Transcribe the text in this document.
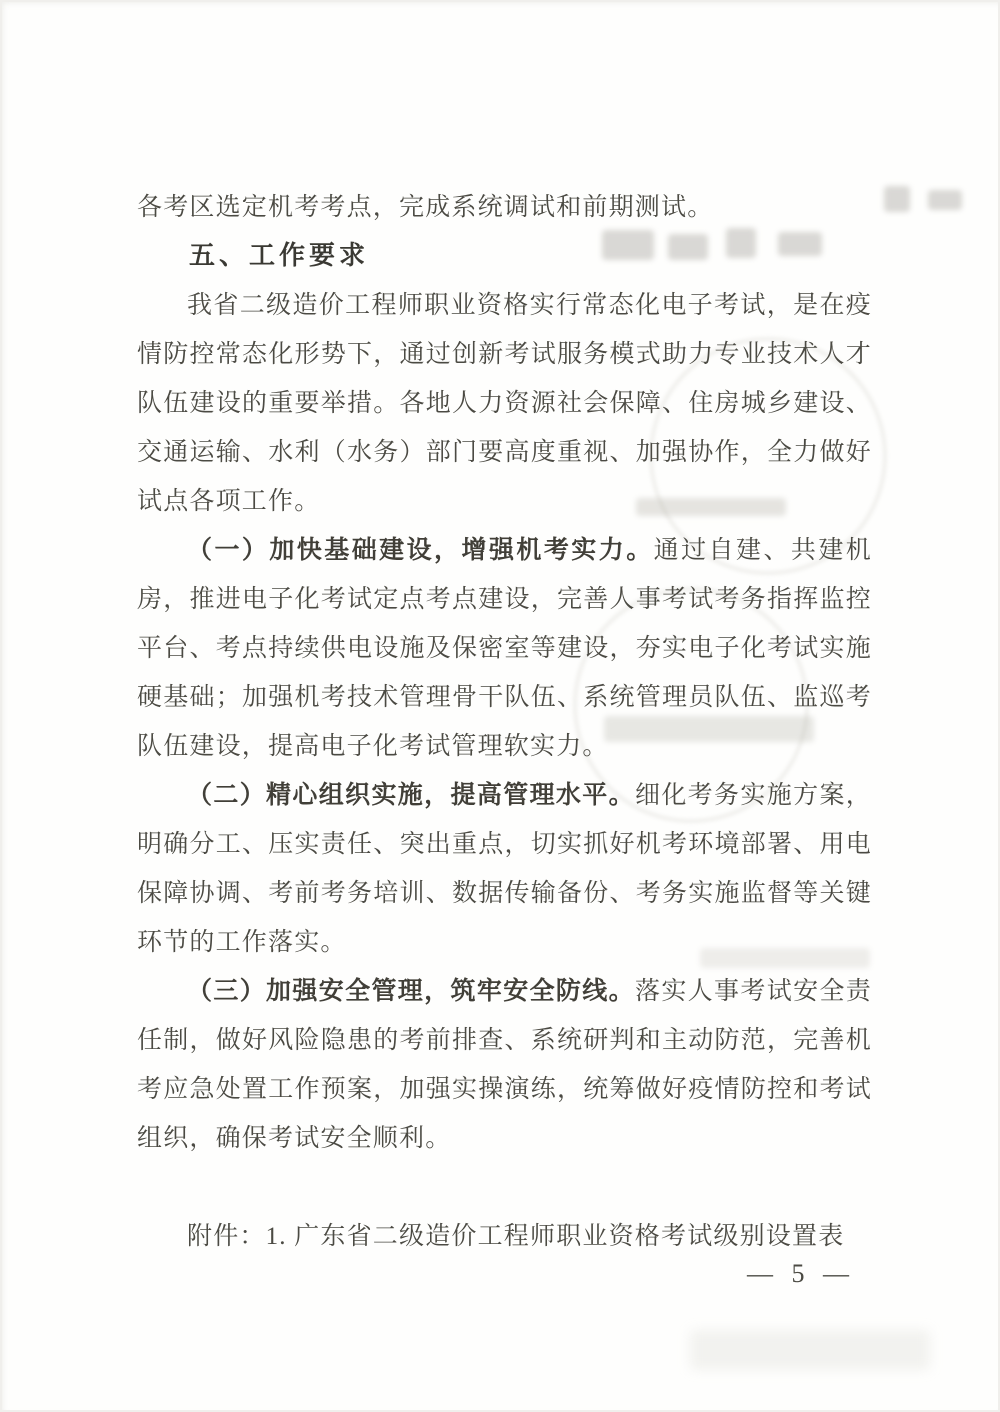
各考区选定机考考点，完成系统调试和前期测试。

五、工作要求

我省二级造价工程师职业资格实行常态化电子考试，是在疫情防控常态化形势下，通过创新考试服务模式助力专业技术人才队伍建设的重要举措。各地人力资源社会保障、住房城乡建设、交通运输、水利（水务）部门要高度重视、加强协作，全力做好试点各项工作。

（一）加快基础建设，增强机考实力。通过自建、共建机房，推进电子化考试定点考点建设，完善人事考试考务指挥监控平台、考点持续供电设施及保密室等建设，夯实电子化考试实施硬基础；加强机考技术管理骨干队伍、系统管理员队伍、监巡考队伍建设，提高电子化考试管理软实力。

（二）精心组织实施，提高管理水平。细化考务实施方案，明确分工、压实责任、突出重点，切实抓好机考环境部署、用电保障协调、考前考务培训、数据传输备份、考务实施监督等关键环节的工作落实。

（三）加强安全管理，筑牢安全防线。落实人事考试安全责任制，做好风险隐患的考前排查、系统研判和主动防范，完善机考应急处置工作预案，加强实操演练，统筹做好疫情防控和考试组织，确保考试安全顺利。

附件：1. 广东省二级造价工程师职业资格考试级别设置表

— 5 —
